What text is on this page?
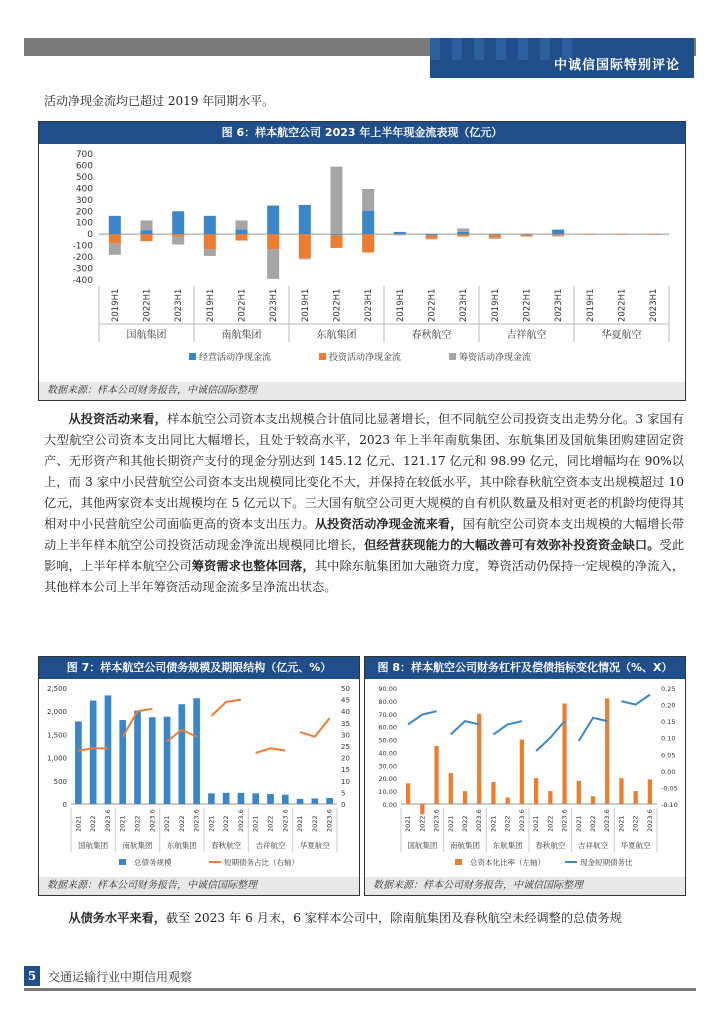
中诚信国际特别评论
活动净现金流均已超过 2019 年同期水平。
图 6：样本航空公司 2023 年上半年现金流表现（亿元）
700
600
500
400
300
200
100
0
-100
-200
-300
-400
2019H1	2022H1	2023H1	2019H1	2022H1	2023H1	2019H1	2022H1	2023H1	2019H1	2022H1	2023H1	2019H1	2022H1	2023H1	2019H1	2022H1	2023H1
国航集团	南航集团	东航集团	春秋航空	吉祥航空	华夏航空
经营活动净现金流	投资活动净现金流	筹资活动净现金流
数据来源：样本公司财务报告，中诚信国际整理
从投资活动来看，样本航空公司资本支出规模合计值同比显著增长，但不同航空公司投资支出走势分化。3 家国有大型航空公司资本支出同比大幅增长，且处于较高水平，2023 年上半年南航集团、东航集团及国航集团购建固定资产、无形资产和其他长期资产支付的现金分别达到 145.12 亿元、121.17 亿元和 98.99 亿元，同比增幅均在 90%以上，而 3 家中小民营航空公司资本支出规模同比变化不大，并保持在较低水平，其中除春秋航空资本支出规模超过 10 亿元，其他两家资本支出规模均在 5 亿元以下。三大国有航空公司更大规模的自有机队数量及相对更老的机龄均使得其相对中小民营航空公司面临更高的资本支出压力。从投资活动净现金流来看，国有航空公司资本支出规模的大幅增长带动上半年样本航空公司投资活动现金净流出规模同比增长，但经营获现能力的大幅改善可有效弥补投资资金缺口。受此影响，上半年样本航空公司筹资需求也整体回落，其中除东航集团加大融资力度，筹资活动仍保持一定规模的净流入，其他样本公司上半年筹资活动现金流多呈净流出状态。
图 7：样本航空公司债务规模及期限结构（亿元、%）
2,500
2,000
1,500
1,000
500
0
50
45
40
35
30
25
20
15
10
5
0
2021 2022 2023.6 2021 2022 2023.6 2021 2022 2023.6 2021 2022 2023.6 2021 2022 2023.6 2021 2022 2023.6
国航集团 南航集团 东航集团 春秋航空 吉祥航空 华夏航空
总债务规模	短期债务占比（右轴）
数据来源：样本公司财务报告，中诚信国际整理
图 8：样本航空公司财务杠杆及偿债指标变化情况（%、X）
90.00
80.00
70.00
60.00
50.00
40.00
30.00
20.00
10.00
0.00
0.25
0.20
0.15
0.10
0.05
0.00
-0.05
-0.10
2021 2022 2023.6 2021 2022 2023.6 2021 2022 2023.6 2021 2022 2023.6 2021 2022 2023.6 2021 2022 2023.6
国航集团 南航集团 东航集团 春秋航空 吉祥航空 华夏航空
总资本化比率（左轴）	现金短期债务比
数据来源：样本公司财务报告，中诚信国际整理
从债务水平来看，截至 2023 年 6 月末，6 家样本公司中，除南航集团及春秋航空未经调整的总债务规
5 交通运输行业中期信用观察
